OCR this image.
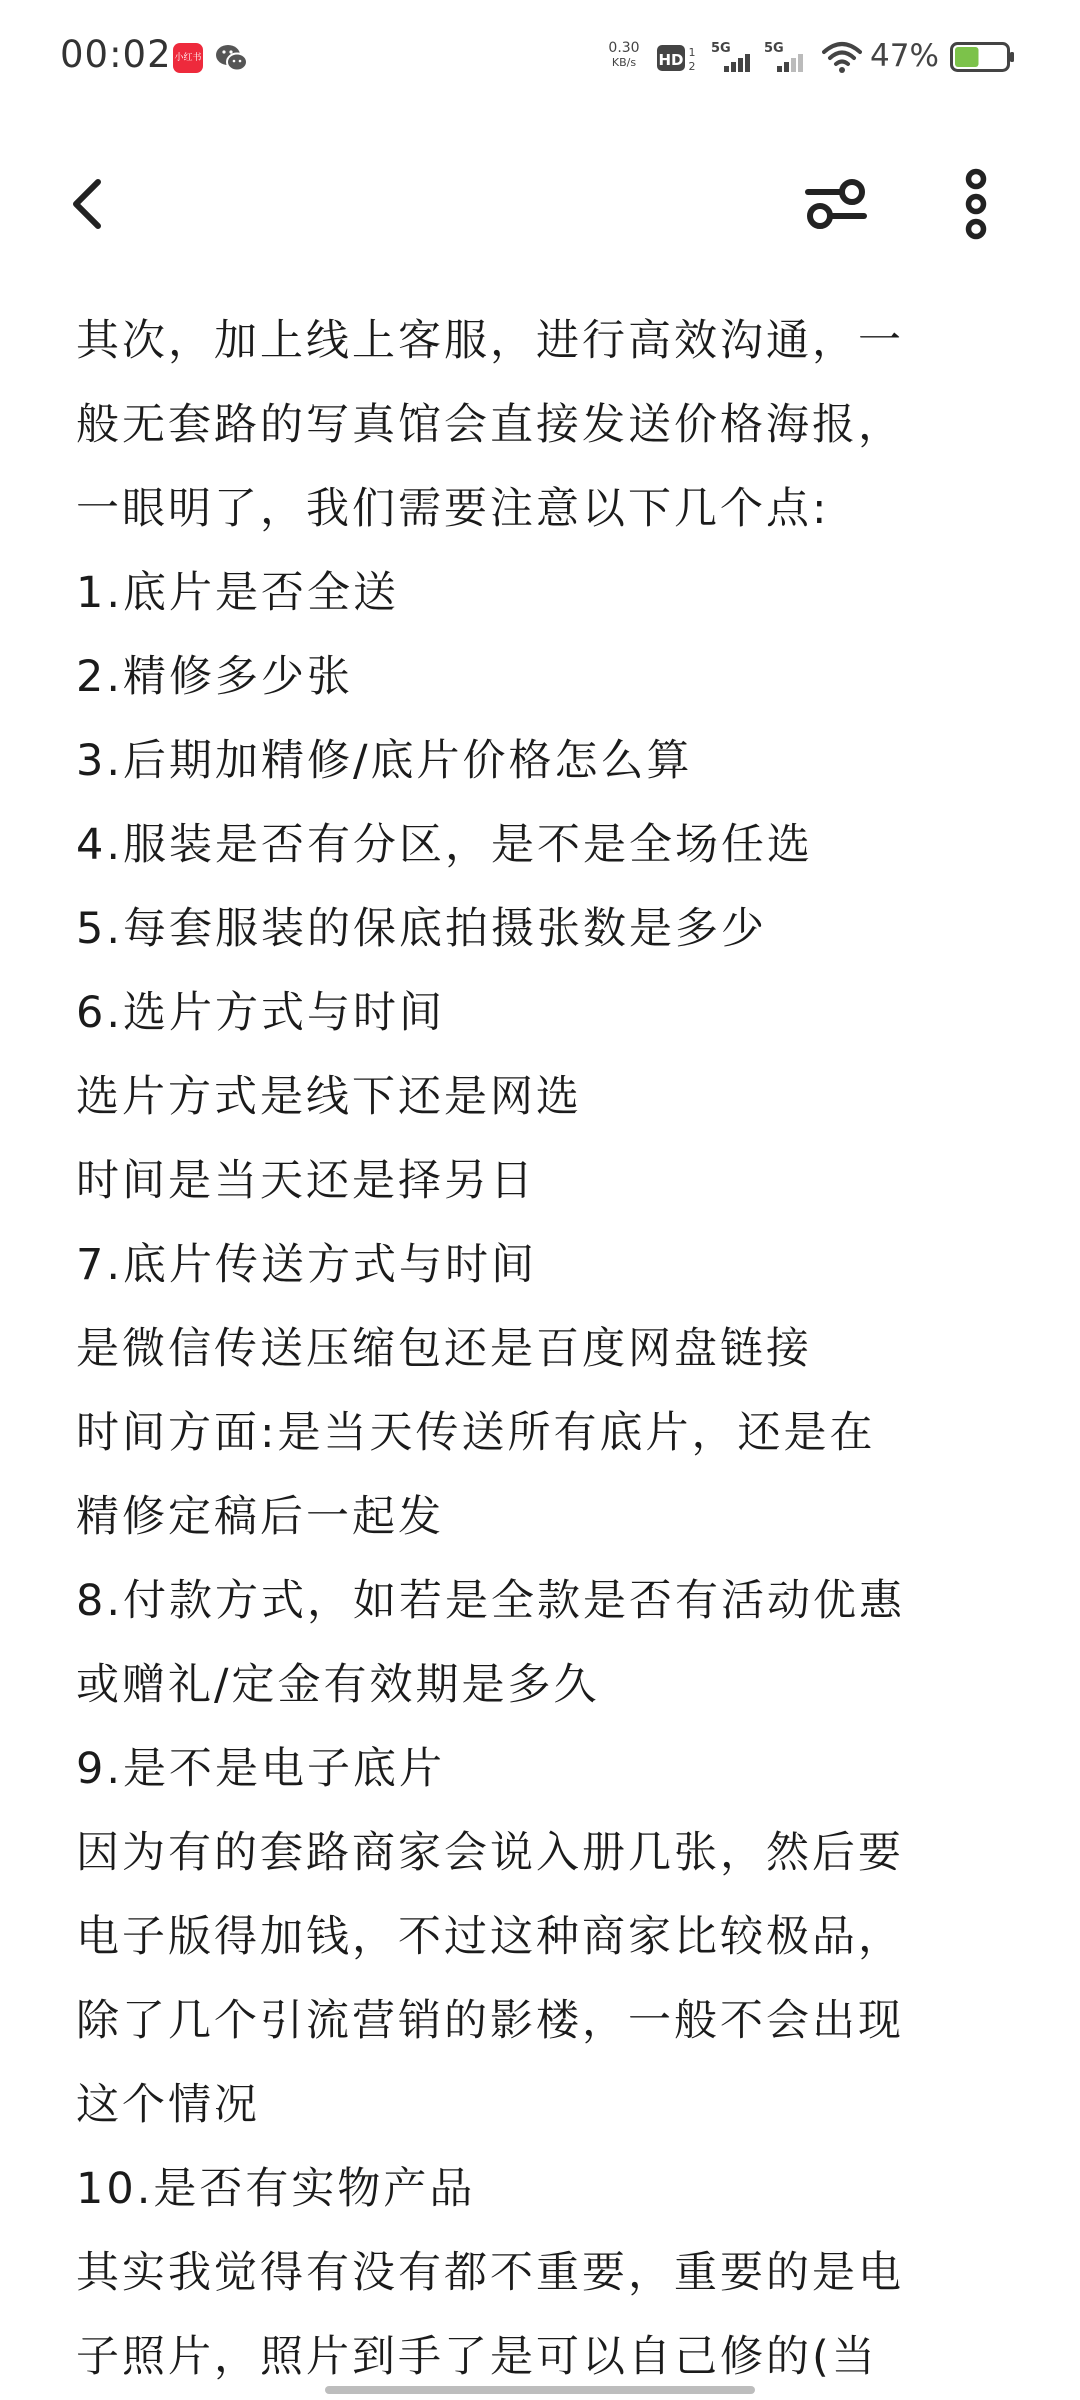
00:02 小红书
0.30
KB/s	HD 1
2
5G	5G	47%

其次，加上线上客服，进行高效沟通，一

般无套路的写真馆会直接发送价格海报，

一眼明了，我们需要注意以下几个点:

1.底片是否全送

2.精修多少张

3.后期加精修/底片价格怎么算

4.服装是否有分区，是不是全场任选

5.每套服装的保底拍摄张数是多少

6.选片方式与时间

选片方式是线下还是网选

时间是当天还是择另日

7.底片传送方式与时间

是微信传送压缩包还是百度网盘链接

时间方面:是当天传送所有底片，还是在

精修定稿后一起发

8.付款方式，如若是全款是否有活动优惠

或赠礼/定金有效期是多久

9.是不是电子底片

因为有的套路商家会说入册几张，然后要

电子版得加钱，不过这种商家比较极品，

除了几个引流营销的影楼，一般不会出现

这个情况

10.是否有实物产品

其实我觉得有没有都不重要，重要的是电

子照片，照片到手了是可以自己修的(当
